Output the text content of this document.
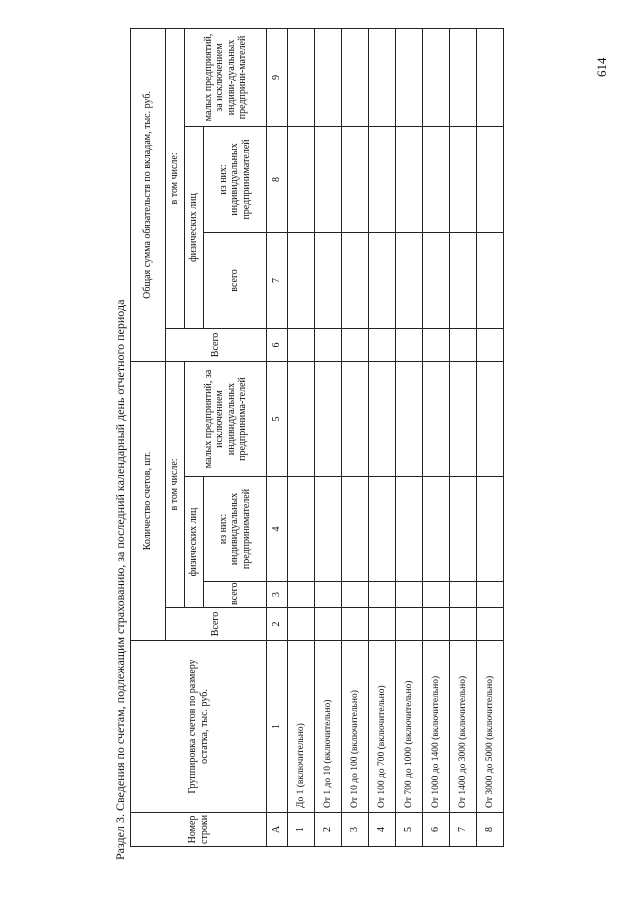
Раздел 3. Сведения по счетам, подлежащим страхованию, за последний календарный день отчетного периода
614
Номер строки	Группировка счетов по размеру остатка, тыс. руб.	Количество счетов, шт.				Общая сумма обязательств по вкладам, тыс. руб.			
		Всего	в том числе:			Всего	в том числе:		
			физических лиц		малых предприятий, за исключением индивидуальных предпринима-телей		физических лиц		малых предприятий, за исключением индиви-дуальных предприни-мателей
			всего	из них: индивидуальных предпринимателей			всего	из них: индивидуальных предпринимателей	
А	1	2	3	4	5	6	7	8	9
1	До 1 (включительно)								
2	От 1 до 10 (включительно)								
3	От 10 до 100 (включительно)								
4	От 100 до 700 (включительно)								
5	От 700 до 1000 (включительно)								
6	От 1000 до 1400 (включительно)								
7	От 1400 до 3000 (включительно)								
8	От 3000 до 5000 (включительно)								
